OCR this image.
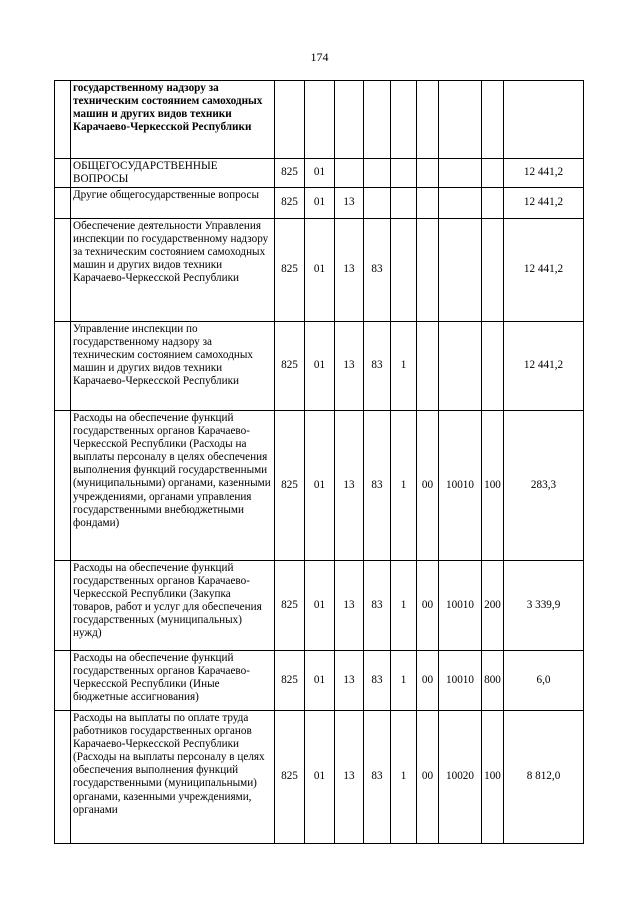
174
	государственному надзору за техническим состоянием самоходных машин и других видов техники Карачаево-Черкесской Республики									
	ОБЩЕГОСУДАРСТВЕННЫЕ ВОПРОСЫ	825	01							12 441,2
	Другие общегосударственные вопросы	825	01	13						12 441,2
	Обеспечение деятельности Управления инспекции по государственному надзору за техническим состоянием самоходных машин и других видов техники Карачаево-Черкесской Республики	825	01	13	83					12 441,2
	Управление инспекции по государственному надзору за техническим состоянием самоходных машин и других видов техники Карачаево-Черкесской Республики	825	01	13	83	1				12 441,2
	Расходы на обеспечение функций государственных органов Карачаево-Черкесской Республики (Расходы на выплаты персоналу в целях обеспечения выполнения функций государственными (муниципальными) органами, казенными учреждениями, органами управления государственными внебюджетными фондами)	825	01	13	83	1	00	10010	100	283,3
	Расходы на обеспечение функций государственных органов Карачаево-Черкесской Республики (Закупка товаров, работ и услуг для обеспечения государственных (муниципальных) нужд)	825	01	13	83	1	00	10010	200	3 339,9
	Расходы на обеспечение функций государственных органов Карачаево-Черкесской Республики (Иные бюджетные ассигнования)	825	01	13	83	1	00	10010	800	6,0
	Расходы на выплаты по оплате труда работников государственных органов Карачаево-Черкесской Республики (Расходы на выплаты персоналу в целях обеспечения выполнения функций государственными (муниципальными) органами, казенными учреждениями, органами	825	01	13	83	1	00	10020	100	8 812,0
